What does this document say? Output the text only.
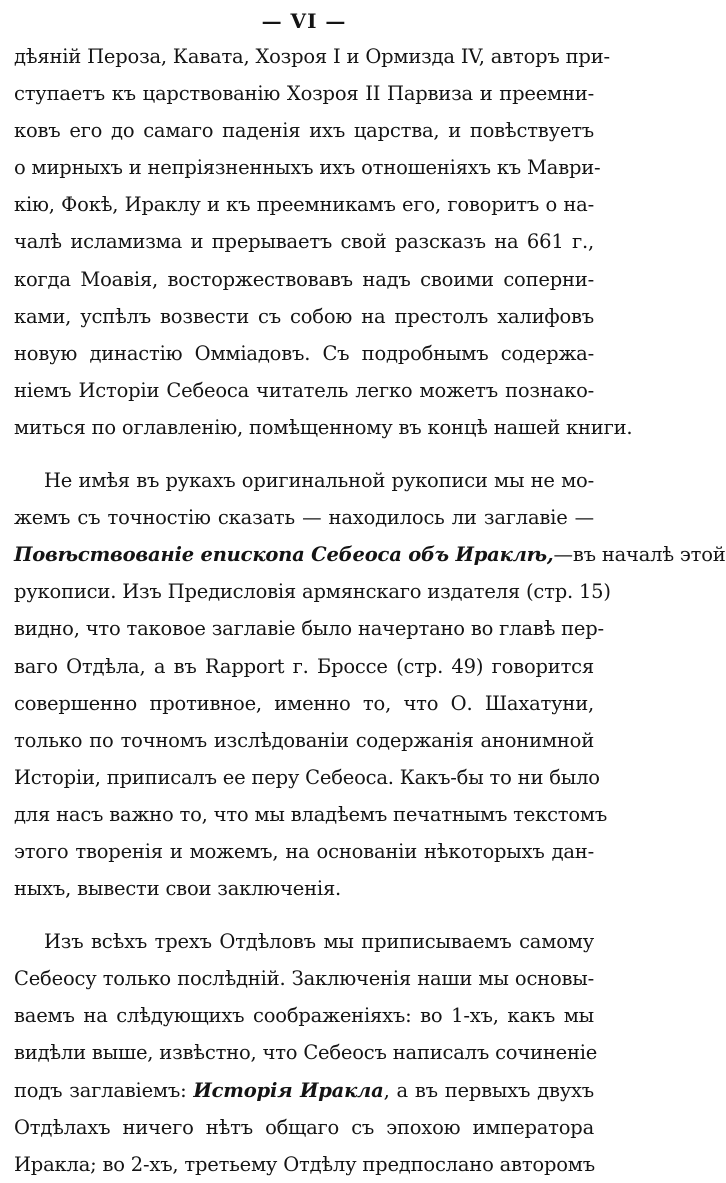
— VI —
дѣяній Пероза, Кавата, Хозроя I и Ормизда IV, авторъ при-
ступаетъ къ царствованію Хозроя II Парвиза и преемни-
ковъ его до самаго паденія ихъ царства, и повѣствуетъ
о мирныхъ и непріязненныхъ ихъ отношеніяхъ къ Маври-
кію, Фокѣ, Ираклу и къ преемникамъ его, говоритъ о на-
чалѣ исламизма и прерываетъ свой разсказъ на 661 г.,
когда Моавія, восторжествовавъ надъ своими соперни-
ками, успѣлъ возвести съ собою на престолъ халифовъ
новую династію Оммiадовъ. Съ подробнымъ содержа-
ніемъ Исторіи Себеоса читатель легко можетъ познако-
миться по оглавленію, помѣщенному въ концѣ нашей книги.
Не имѣя въ рукахъ оригинальной рукописи мы не мо-
жемъ съ точностію сказать — находилось ли заглавіе —
Повѣствованіе епископа Себеоса объ Ираклѣ,—въ началѣ этой
рукописи. Изъ Предисловія армянскаго издателя (стр. 15)
видно, что таковое заглавіе было начертано во главѣ пер-
ваго Отдѣла, а въ Rapport г. Броссе (стр. 49) говорится
совершенно противное, именно то, что О. Шахатуни,
только по точномъ изслѣдованіи содержанія анонимной
Исторіи, приписалъ ее перу Себеоса. Какъ-бы то ни было
для насъ важно то, что мы владѣемъ печатнымъ текстомъ
этого творенія и можемъ, на основаніи нѣкоторыхъ дан-
ныхъ, вывести свои заключенія.
Изъ всѣхъ трехъ Отдѣловъ мы приписываемъ самому
Себеосу только послѣдній. Заключенія наши мы основы-
ваемъ на слѣдующихъ соображеніяхъ: во 1-хъ, какъ мы
видѣли выше, извѣстно, что Себеосъ написалъ сочиненіе
подъ заглавіемъ: Исторія Иракла, а въ первыхъ двухъ
Отдѣлахъ ничего нѣтъ общаго съ эпохою императора
Иракла; во 2-хъ, третьему Отдѣлу предпослано авторомъ
